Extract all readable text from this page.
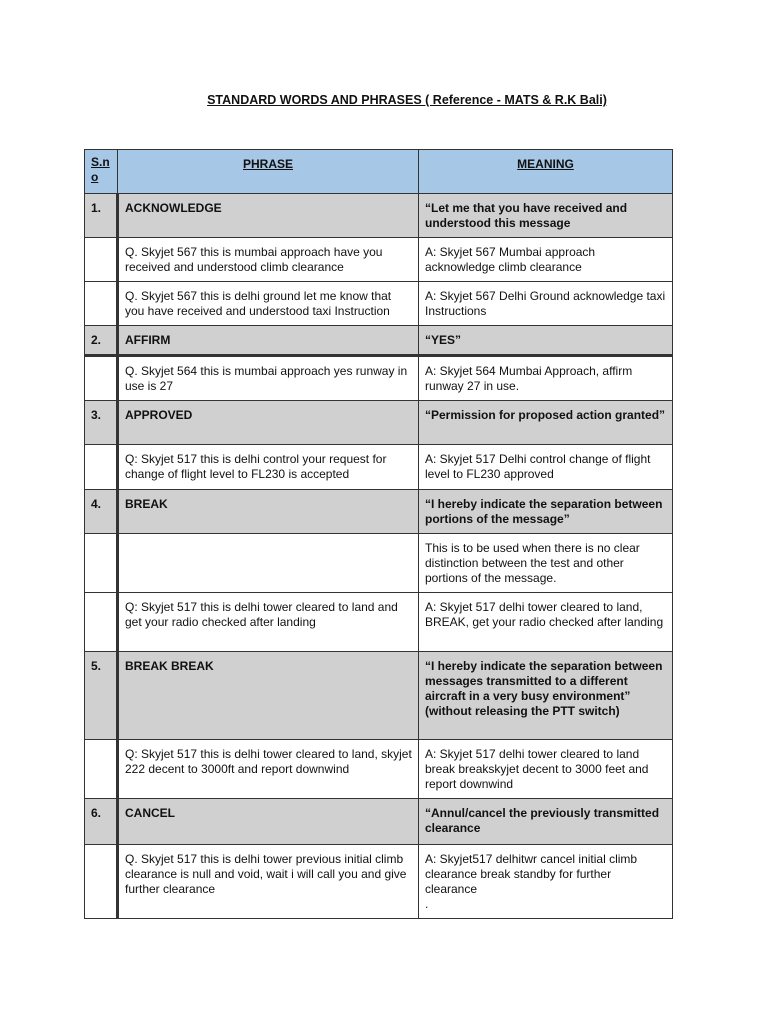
STANDARD WORDS AND PHRASES ( Reference - MATS & R.K Bali)
S.n
o	PHRASE	MEANING
1.	ACKNOWLEDGE	“Let me that you have received and understood this message
	Q. Skyjet 567 this is mumbai approach have you received and understood climb clearance	A: Skyjet 567 Mumbai approach acknowledge climb clearance
	Q. Skyjet 567 this is delhi ground let me know that you have received and understood taxi Instruction	A: Skyjet 567 Delhi Ground acknowledge taxi Instructions
2.	AFFIRM	“YES”
	Q. Skyjet 564 this is mumbai approach yes runway in use is 27	A: Skyjet 564 Mumbai Approach, affirm runway 27 in use.
3.	APPROVED	“Permission for proposed action granted”
	Q: Skyjet 517 this is delhi control your request for change of flight level to FL230 is accepted	A: Skyjet 517 Delhi control change of flight level to FL230 approved
4.	BREAK	“I hereby indicate the separation between portions of the message”
		This is to be used when there is no clear distinction between the test and other portions of the message.
	Q: Skyjet 517 this is delhi tower cleared to land and get your radio checked after landing	A: Skyjet 517 delhi tower cleared to land, BREAK, get your radio checked after landing
5.	BREAK BREAK	“I hereby indicate the separation between messages transmitted to a different aircraft in a very busy environment” (without releasing the PTT switch)
	Q: Skyjet 517 this is delhi tower cleared to land, skyjet 222 decent to 3000ft and report downwind	A: Skyjet 517 delhi tower cleared to land break breakskyjet decent to 3000 feet and report downwind
6.	CANCEL	“Annul/cancel the previously transmitted clearance
	Q. Skyjet 517 this is delhi tower previous initial climb clearance is null and void, wait i will call you and give further clearance	A: Skyjet517 delhitwr cancel initial climb clearance break standby for further clearance
.
